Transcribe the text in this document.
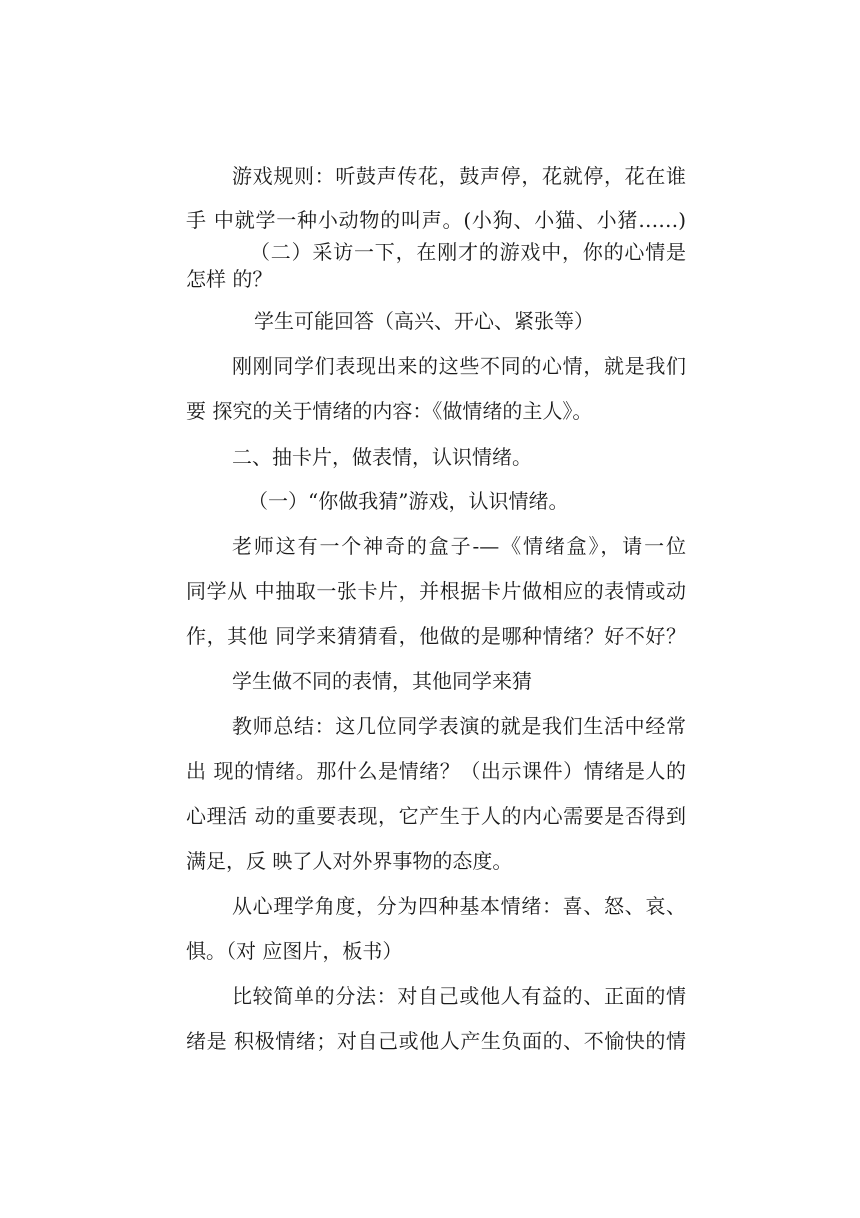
游戏规则：听鼓声传花，鼓声停，花就停，花在谁
手 中就学一种小动物的叫声。(小狗、小猫、小猪……)
（二）采访一下，在刚才的游戏中，你的心情是
怎样 的？
学生可能回答（高兴、开心、紧张等）
刚刚同学们表现出来的这些不同的心情，就是我们
要 探究的关于情绪的内容：《做情绪的主人》。
二、抽卡片，做表情，认识情绪。
（一）“你做我猜”游戏，认识情绪。
老师这有一个神奇的盒子-—《情绪盒》，请一位
同学从 中抽取一张卡片，并根据卡片做相应的表情或动
作，其他 同学来猜猜看，他做的是哪种情绪？好不好？
学生做不同的表情，其他同学来猜
教师总结：这几位同学表演的就是我们生活中经常
出 现的情绪。那什么是情绪？（出示课件）情绪是人的
心理活 动的重要表现，它产生于人的内心需要是否得到
满足，反 映了人对外界事物的态度。
从心理学角度，分为四种基本情绪：喜、怒、哀、
惧。（对 应图片，板书）
比较简单的分法：对自己或他人有益的、正面的情
绪是 积极情绪；对自己或他人产生负面的、不愉快的情
